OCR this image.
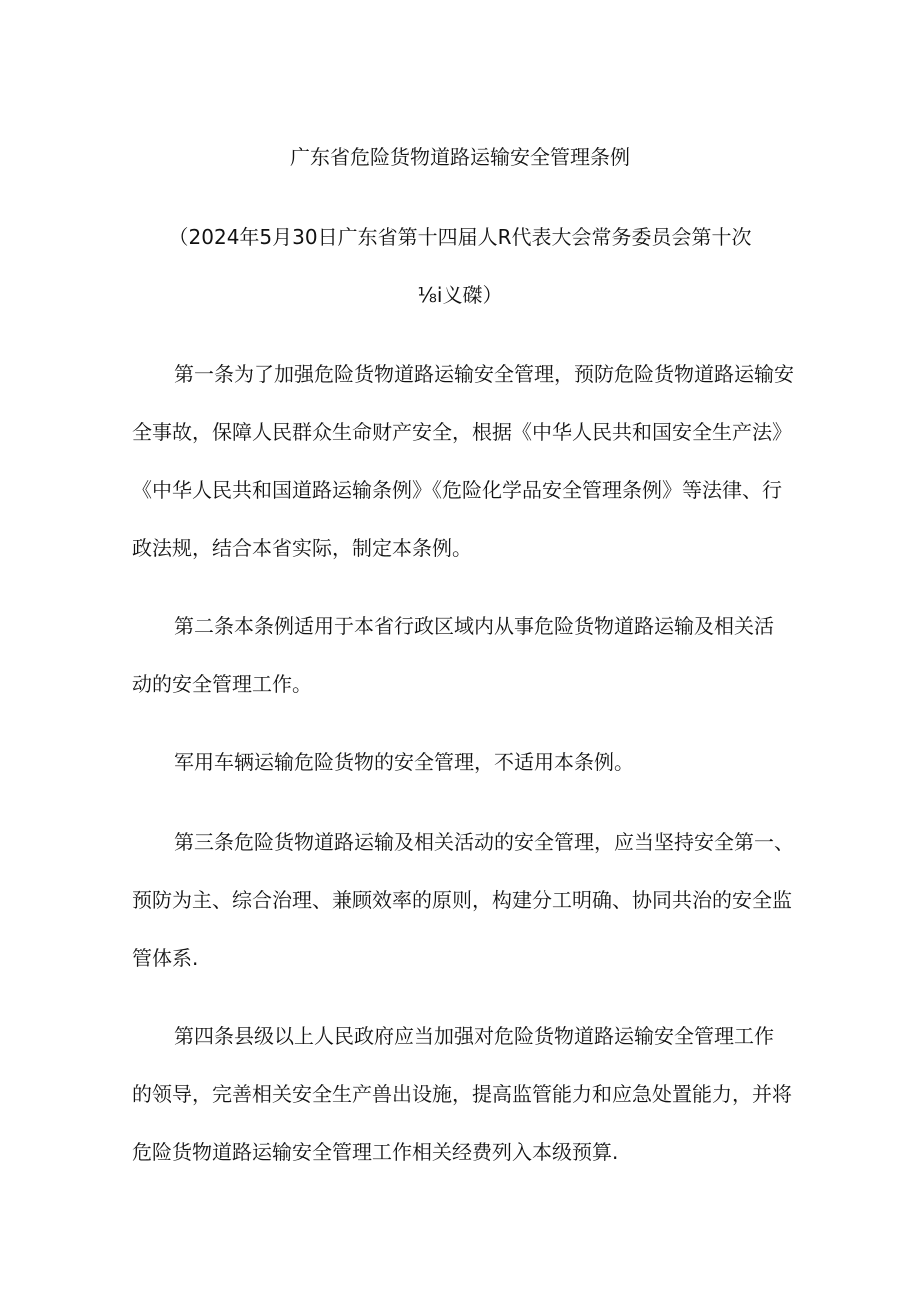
广东省危险货物道路运输安全管理条例
（2024年5月30日广东省第十四届人R代表大会常务委员会第十次
⅛i义磔）
第一条为了加强危险货物道路运输安全管理，预防危险货物道路运输安
全事故，保障人民群众生命财产安全，根据《中华人民共和国安全生产法》
《中华人民共和国道路运输条例》《危险化学品安全管理条例》等法律、行
政法规，结合本省实际，制定本条例。
第二条本条例适用于本省行政区域内从事危险货物道路运输及相关活
动的安全管理工作。
军用车辆运输危险货物的安全管理，不适用本条例。
第三条危险货物道路运输及相关活动的安全管理，应当坚持安全第一、
预防为主、综合治理、兼顾效率的原则，构建分工明确、协同共治的安全监
管体系.
第四条县级以上人民政府应当加强对危险货物道路运输安全管理工作
的领导，完善相关安全生产兽出设施，提高监管能力和应急处置能力，并将
危险货物道路运输安全管理工作相关经费列入本级预算.
